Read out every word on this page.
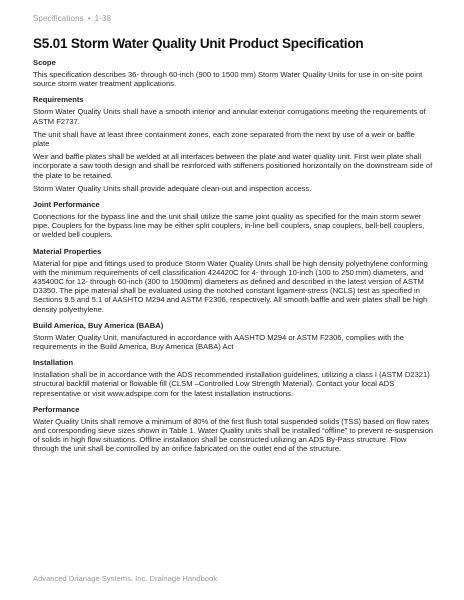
Specifications • 1-38
S5.01 Storm Water Quality Unit Product Specification
Scope

This specification describes 36- through 60-inch (900 to 1500 mm) Storm Water Quality Units for use in on-site point source storm water treatment applications.

Requirements

Storm Water Quality Units shall have a smooth interior and annular exterior corrugations meeting the requirements of ASTM F2737.

The unit shall have at least three containment zones, each zone separated from the next by use of a weir or baffle plate

Weir and baffle plates shall be welded at all interfaces between the plate and water quality unit. First weir plate shall incorporate a saw tooth design and shall be reinforced with stiffeners positioned horizontally on the downstream side of the plate to be retained.

Storm Water Quality Units shall provide adequate clean-out and inspection access.

Joint Performance

Connections for the bypass line and the unit shall utilize the same joint quality as specified for the main storm sewer pipe. Couplers for the bypass line may be either split couplers, in-line bell couplers, snap couplers, bell-bell couplers, or welded bell couplers.

Material Properties

Material for pipe and fittings used to produce Storm Water Quality Units shall be high density polyethylene conforming with the minimum requirements of cell classification 424420C for 4- through 10-inch (100 to 250 mm) diameters, and 435400C for 12- through 60-inch (300 to 1500mm) diameters as defined and described in the latest version of ASTM D3350. The pipe material shall be evaluated using the notched constant ligament-stress (NCLS) test as specified in Sections 9.5 and 5.1 of AASHTO M294 and ASTM F2306, respectively. All smooth baffle and weir plates shall be high density polyethylene.

Build America, Buy America (BABA)

Storm Water Quality Unit, manufactured in accordance with AASHTO M294 or ASTM F2306, complies with the requirements in the Build America, Buy America (BABA) Act

Installation

Installation shall be in accordance with the ADS recommended installation guidelines, utilizing a class I (ASTM D2321) structural backfill material or flowable fill (CLSM –Controlled Low Strength Material). Contact your local ADS representative or visit www.adspipe.com for the latest installation instructions.

Performance

Water Quality Units shall remove a minimum of 80% of the first flush total suspended solids (TSS) based on flow rates and corresponding sieve sizes shown in Table 1. Water Quality units shall be installed “offline” to prevent re-suspension of solids in high flow situations. Offline installation shall be constructed utilizing an ADS By-Pass structure. Flow through the unit shall be controlled by an orifice fabricated on the outlet end of the structure.

Advanced Drianage Systems, Inc. Drainage Handbook
